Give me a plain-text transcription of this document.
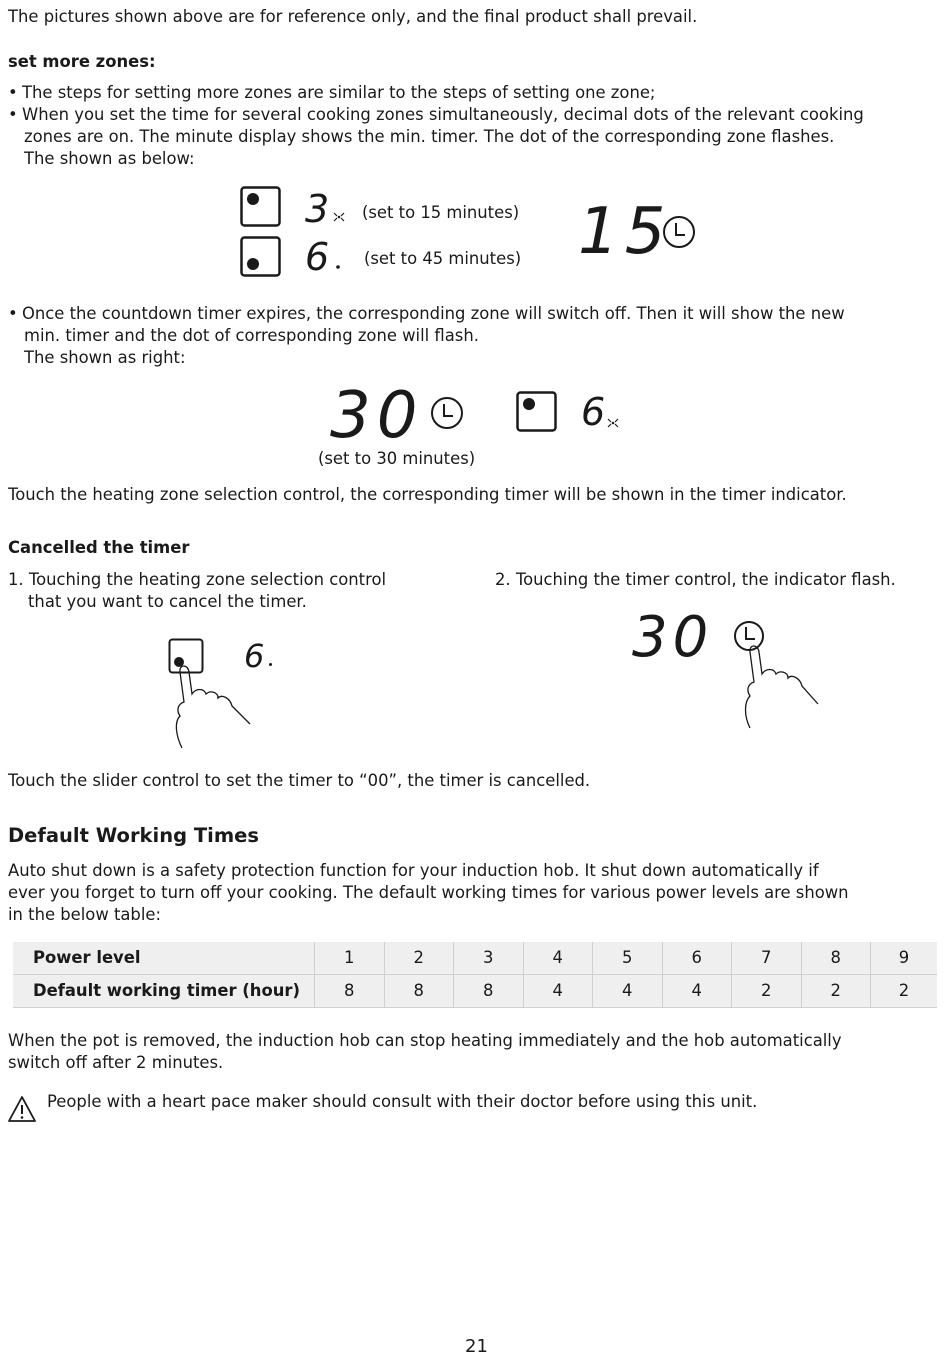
The pictures shown above are for reference only, and the final product shall prevail.
set more zones:
• The steps for setting more zones are similar to the steps of setting one zone;
• When you set the time for several cooking zones simultaneously, decimal dots of the relevant cooking
zones are on. The minute display shows the min. timer. The dot of the corresponding zone flashes.
The shown as below:
3 (set to 15 minutes)
6 (set to 45 minutes) 15
• Once the countdown timer expires, the corresponding zone will switch off. Then it will show the new
min. timer and the dot of corresponding zone will flash.
The shown as right:
30	6
(set to 30 minutes)
Touch the heating zone selection control, the corresponding timer will be shown in the timer indicator.
Cancelled the timer
1. Touching the heating zone selection control
that you want to cancel the timer.
2. Touching the timer control, the indicator flash.
6	30
Touch the slider control to set the timer to “00”, the timer is cancelled.
Default Working Times
Auto shut down is a safety protection function for your induction hob. It shut down automatically if
ever you forget to turn off your cooking. The default working times for various power levels are shown
in the below table:
Power level	1	2	3	4	5	6	7	8	9
Default working timer (hour)	8	8	8	4	4	4	2	2	2
When the pot is removed, the induction hob can stop heating immediately and the hob automatically
switch off after 2 minutes.
People with a heart pace maker should consult with their doctor before using this unit.
21
